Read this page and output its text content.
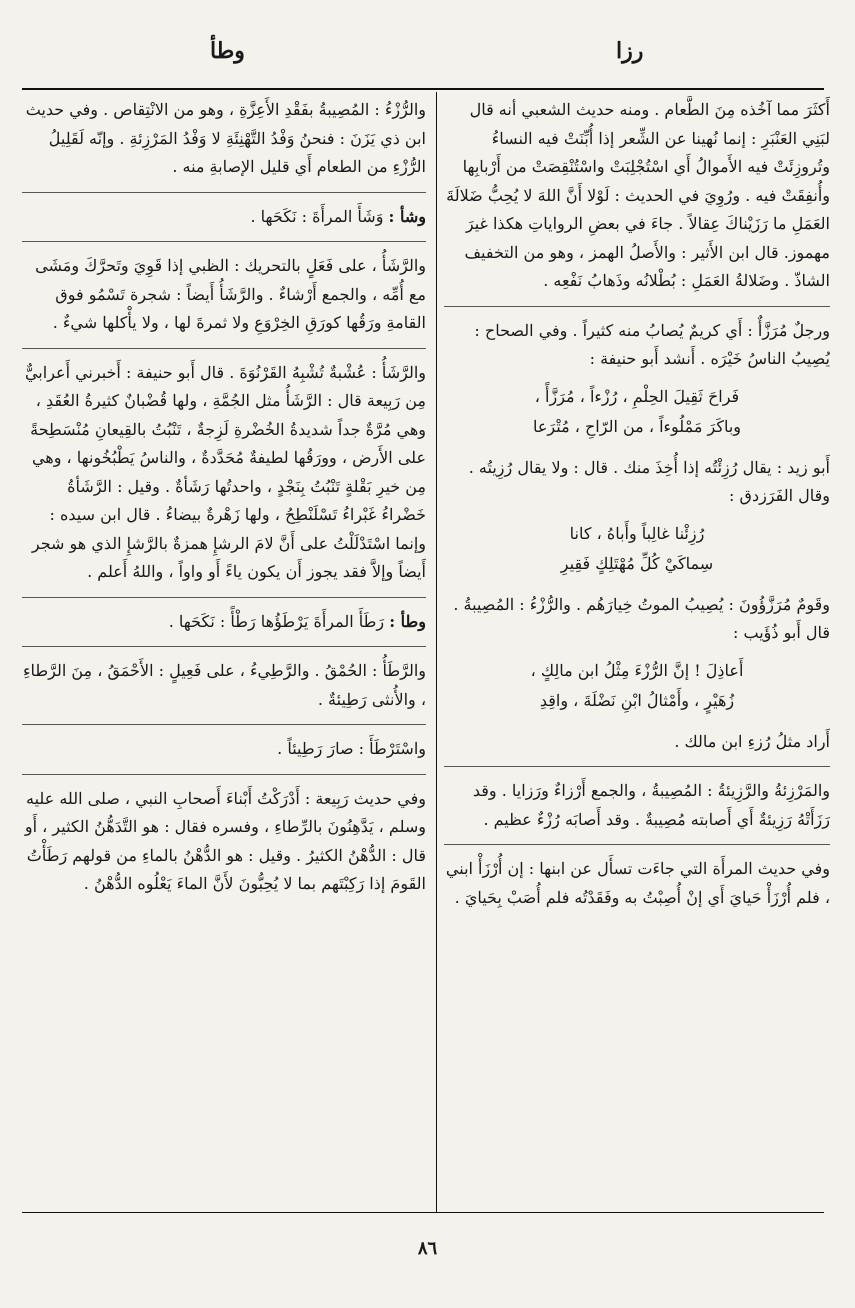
وطأ	رزا

أَكثَرَ مما آخُذه مِنَ الطَّعام . ومنه حديث الشعبي أنه قال لبَنِي العَنْبَرِ : إنما نُهينا عن الشِّعر إذا أُبِّنَتْ فيه النساءُ وتُروزِئَتْ فيه الأَموالُ أَي اسْتُجْلِبَتْ واسْتُنْقِصَتْ من أَرْبابِها وأُنفِقَتْ فيه . ورُوِيَ في الحديث : لَوْلا أَنَّ اللهَ لا يُحِبُّ ضَلالَةَ العَمَلِ ما رَزَيْناكَ عِقالاً . جاءَ في بعضِ الرواياتِ هكذا غيرَ مهموز. قال ابن الأَثير : والأَصلُ الهمز ، وهو من التخفيف الشاذّ . وضَلالةُ العَمَلِ : بُطْلانُه وذَهابُ نَفْعِه .

ورجلٌ مُرَزَّأٌ : أَي كريمٌ يُصابُ منه كثيراً . وفي الصحاح : يُصِيبُ الناسُ خَيْرَه . أَنشد أَبو حنيفة :

فَراحَ ثَقِيلَ الحِلْمِ ، رُزْءاً ، مُرَزَّأً ،
وباكَرَ مَمْلُوءاً ، من الرّاحِ ، مُتْرَعا

أَبو زيد : يقال رُزِئْتُه إذا أُخِذَ منك . قال : ولا يقال رُزِيتُه . وقال الفَرَزدق :

رُزِئْنا غالِباً وأَباهُ ، كانا
سِماكَيْ كُلِّ مُهْتَلِكٍ فَقِيرِ

وقَومٌ مُرَزَّؤُونَ : يُصِيبُ الموتُ خِيارَهُم . والرُّزْءُ : المُصِيبةُ . قال أَبو ذُؤَيب :

أَعاذِلَ ! إنَّ الرُّزْءَ مِثْلُ ابن مالِكٍ ،
زُهَيْرٍ ، وأَمْثالُ ابْنِ نَضْلَةَ ، واقِدِ

أَراد مثلُ رُزءِ ابن مالك .

والمَرْزِئةُ والرَّزِيئةُ : المُصِيبةُ ، والجمع أَرْزاءٌ ورَزايا . وقد رَزَأَتْهُ رَزِيئةٌ أَي أَصابته مُصِيبةٌ . وقد أَصابَه رُزْءٌ عظيم .

وفي حديث المرأَة التي جاءَت تسأَل عن ابنها : إن أُرْزَأْ ابني ، فلم أُرْزَأْ حَيايَ أَي إنْ أُصِبْتُ به وفَقَدْتُه فلم أُصَبْ بِحَيايَ .

والرُّزْءُ : المُصِيبةُ بفَقْدِ الأَعِزَّةِ ، وهو من الانْتِقاص . وفي حديث ابن ذي يَزَنَ : فنحنُ وَفْدُ التَّهْنِئَةِ لا وَفْدُ المَرْزِئةِ . وإنّه لَقَلِيلُ الرُّزْءِ من الطعام أَي قليل الإصابةِ منه .

وشأ : وَشَأَ المرأَةَ : نَكَحَها .

والرَّشَأُ ، على فَعَلٍ بالتحريك : الظبي إذا قَوِيَ وتَحرَّكَ ومَشَى مع أُمِّه ، والجمع أَرْشاءٌ . والرَّشَأُ أَيضاً : شجرة تَسْمُو فوق القامةِ ورَقُها كورَقِ الخِرْوَعِ ولا ثمرةَ لها ، ولا يأْكلها شيءٌ .

والرَّشَأُ : عُشْبةٌ تُشْبِهُ القَرْنُوَةَ . قال أَبو حنيفة : أَخبرني أَعرابيٌّ مِن رَبِيعة قال : الرَّشَأُ مثل الجُمَّةِ ، ولها قُضْبانٌ كثيرةُ العُقَدِ ، وهي مُرَّةٌ جداً شديدةُ الخُضْرةِ لَزِجةٌ ، تَنْبُتُ بالقِيعانِ مُنْسَطِحةً على الأَرض ، وورَقُها لطيفةٌ مُحَدَّدةٌ ، والناسُ يَطْبُخُونها ، وهي مِن خيرِ بَقْلةٍ تَنْبُتُ بِنَجْدٍ ، واحدتُها رَشَأةٌ . وقيل : الرَّشَأةُ خَضْراءُ غَبْراءُ تَسْلَنْطِحُ ، ولها زَهْرةٌ بيضاءُ . قال ابن سيده : وإنما اسْتَدْلَلْتُ على أَنَّ لامَ الرشإِ همزةٌ بالرَّشإِ الذي هو شجر أَيضاً وإلاَّ فقد يجوز أَن يكون ياءً أَو واواً ، واللهُ أَعلم .

وطأ : رَطَأَ المرأَةَ يَرْطَؤُها رَطْأً : نَكَحَها .

والرَّطَأُ : الحُمْقُ . والرَّطِيءُ ، على فَعِيلٍ : الأَحْمَقُ ، مِنَ الرَّطاءِ ، والأُنثى رَطِيئةٌ .

واسْتَرْطَأَ : صارَ رَطِيئاً .

وفي حديث رَبِيعة : أَدْرَكْتُ أَبْناءَ أَصحابِ النبي ، صلى الله عليه وسلم ، يَدَّهِنُونَ بالرِّطاءِ ، وفسره فقال : هو التَّدَهُّنُ الكثير ، أَو قال : الدُّهْنُ الكثيرُ . وقيل : هو الدُّهْنُ بالماءِ من قولهم رَطَأْتُ القَومَ إذا رَكِبْتَهم بما لا يُحِبُّونَ لأَنَّ الماءَ يَعْلُوه الدُّهْنُ .

٨٦
